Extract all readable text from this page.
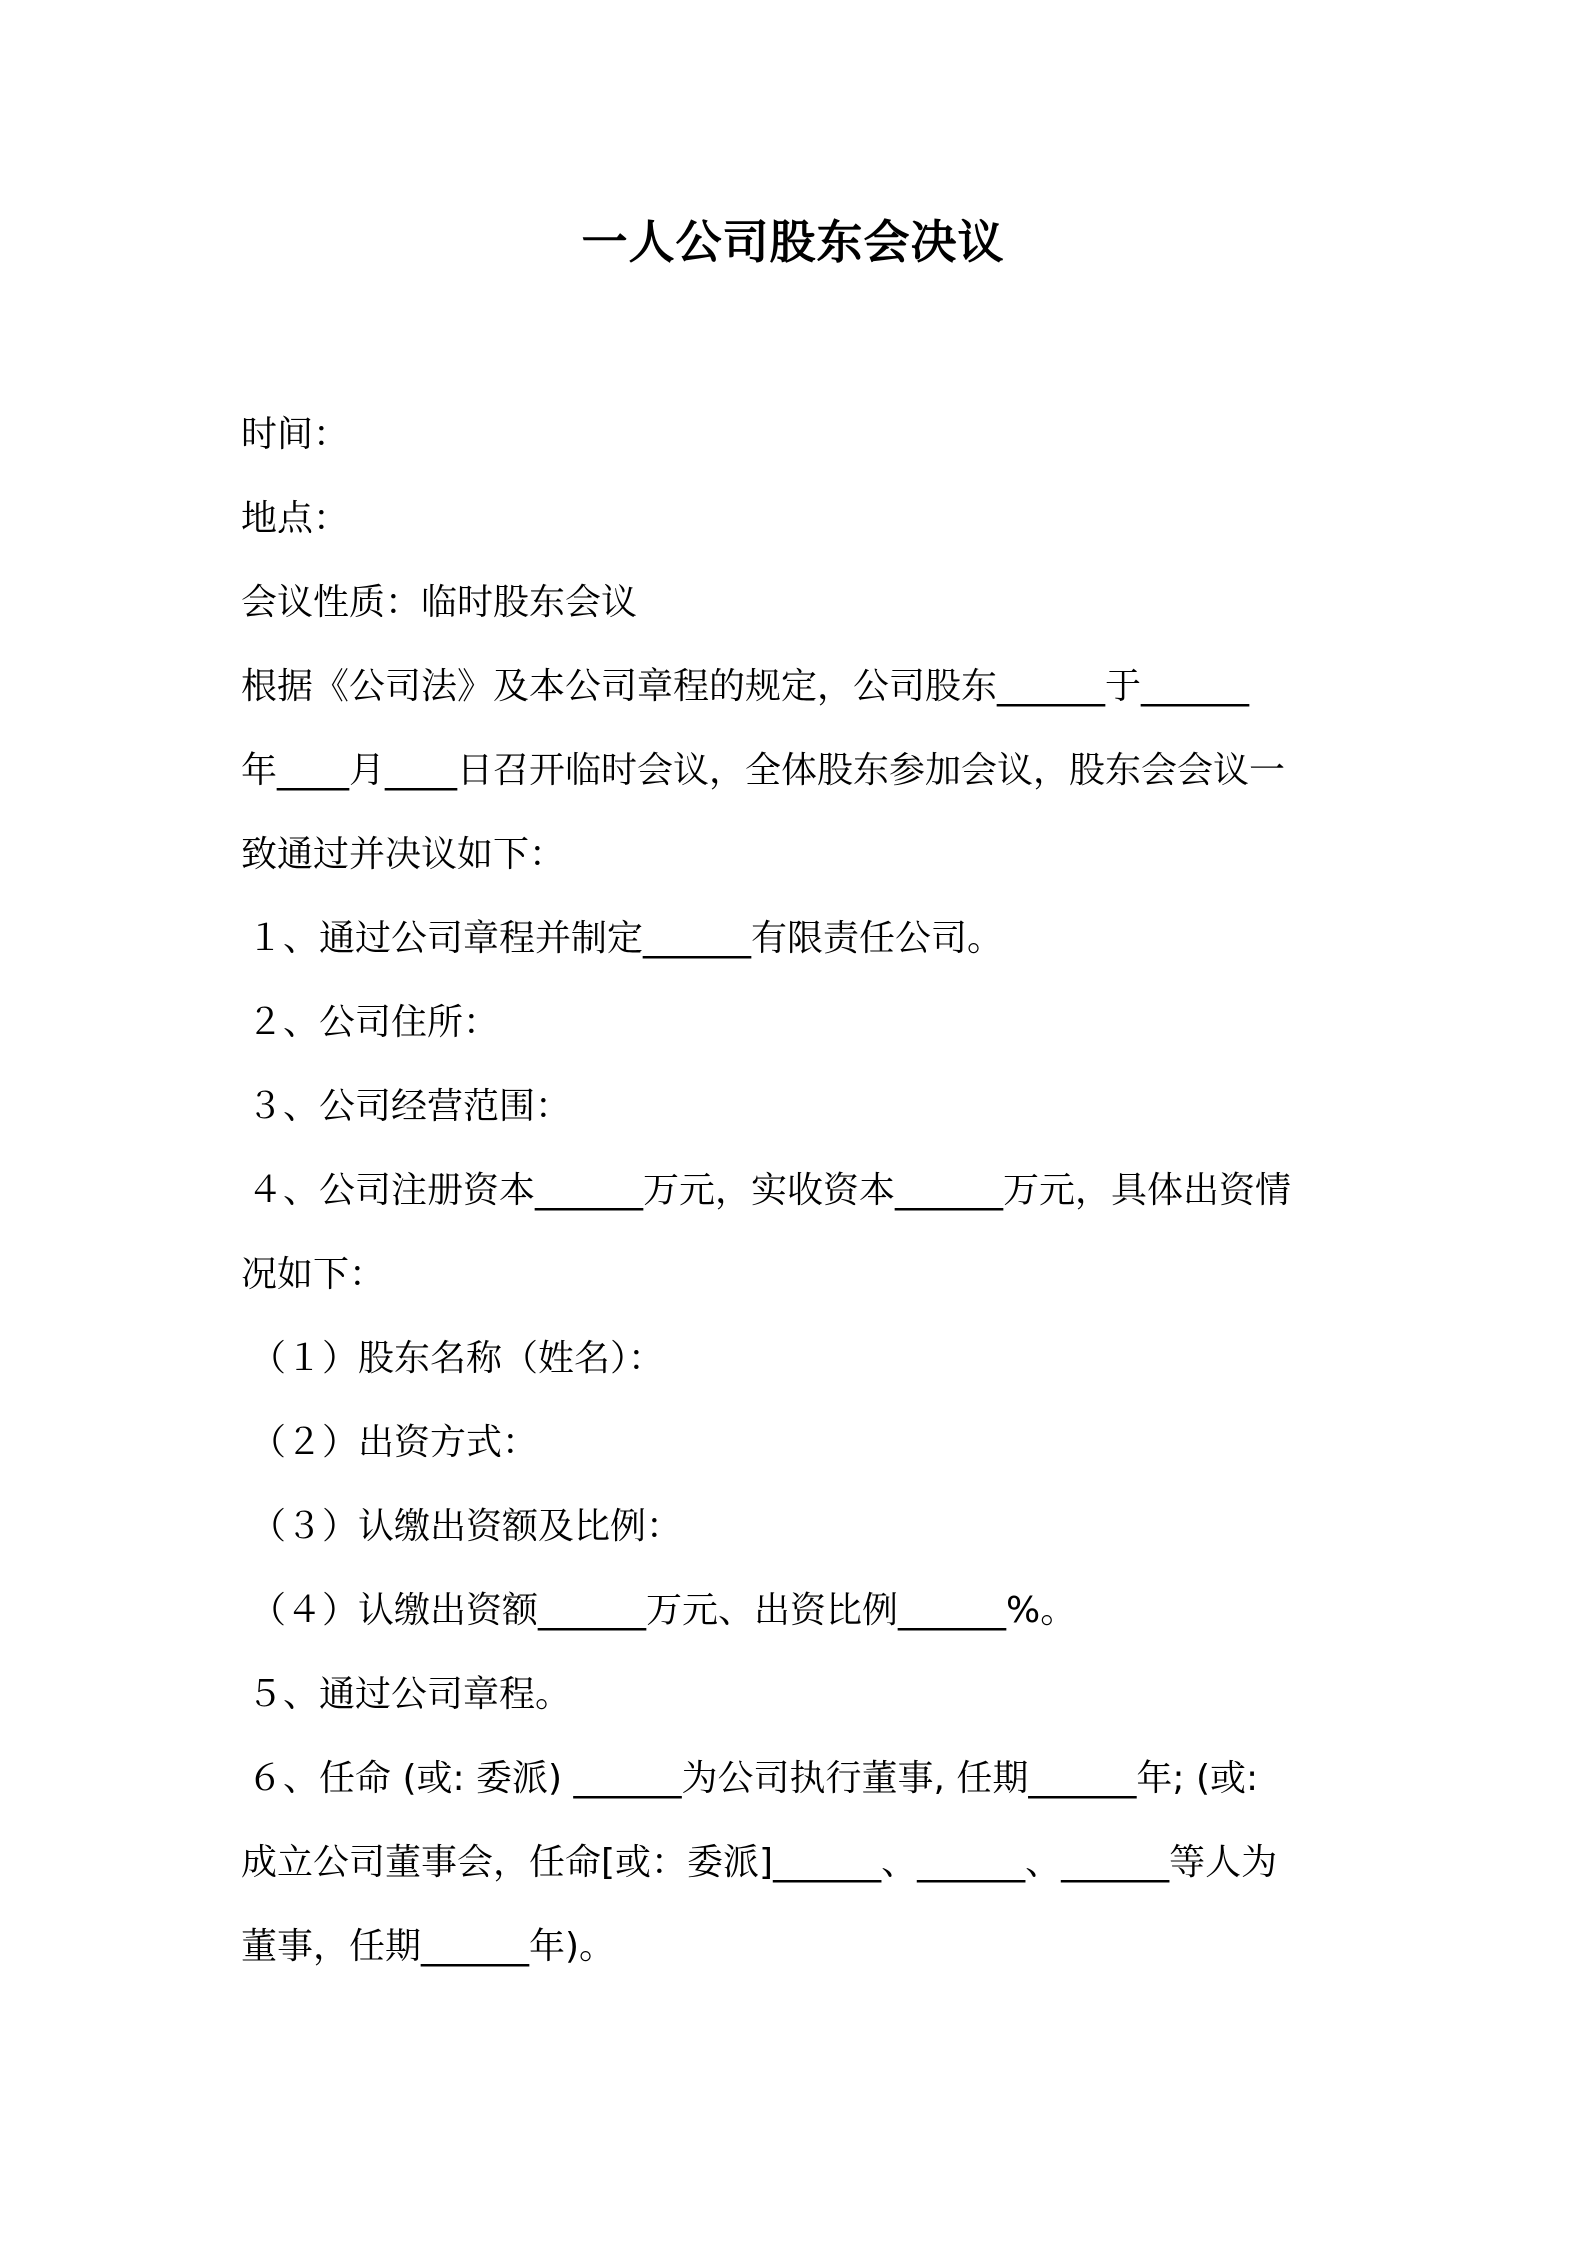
一人公司股东会决议
时间：
地点：
会议性质：临时股东会议
根据《公司法》及本公司章程的规定，公司股东______于______
年____月____日召开临时会议，全体股东参加会议，股东会会议一
致通过并决议如下：
１、通过公司章程并制定______有限责任公司。
２、公司住所：
３、公司经营范围：
４、公司注册资本______万元，实收资本______万元，具体出资情
况如下：
（１）股东名称（姓名）：
（２）出资方式：
（３）认缴出资额及比例：
（４）认缴出资额______万元、出资比例______%。
５、通过公司章程。
６、任命 (或: 委派) ______为公司执行董事, 任期______年; (或:
成立公司董事会，任命[或：委派]______、______、______等人为
董事，任期______年)。
